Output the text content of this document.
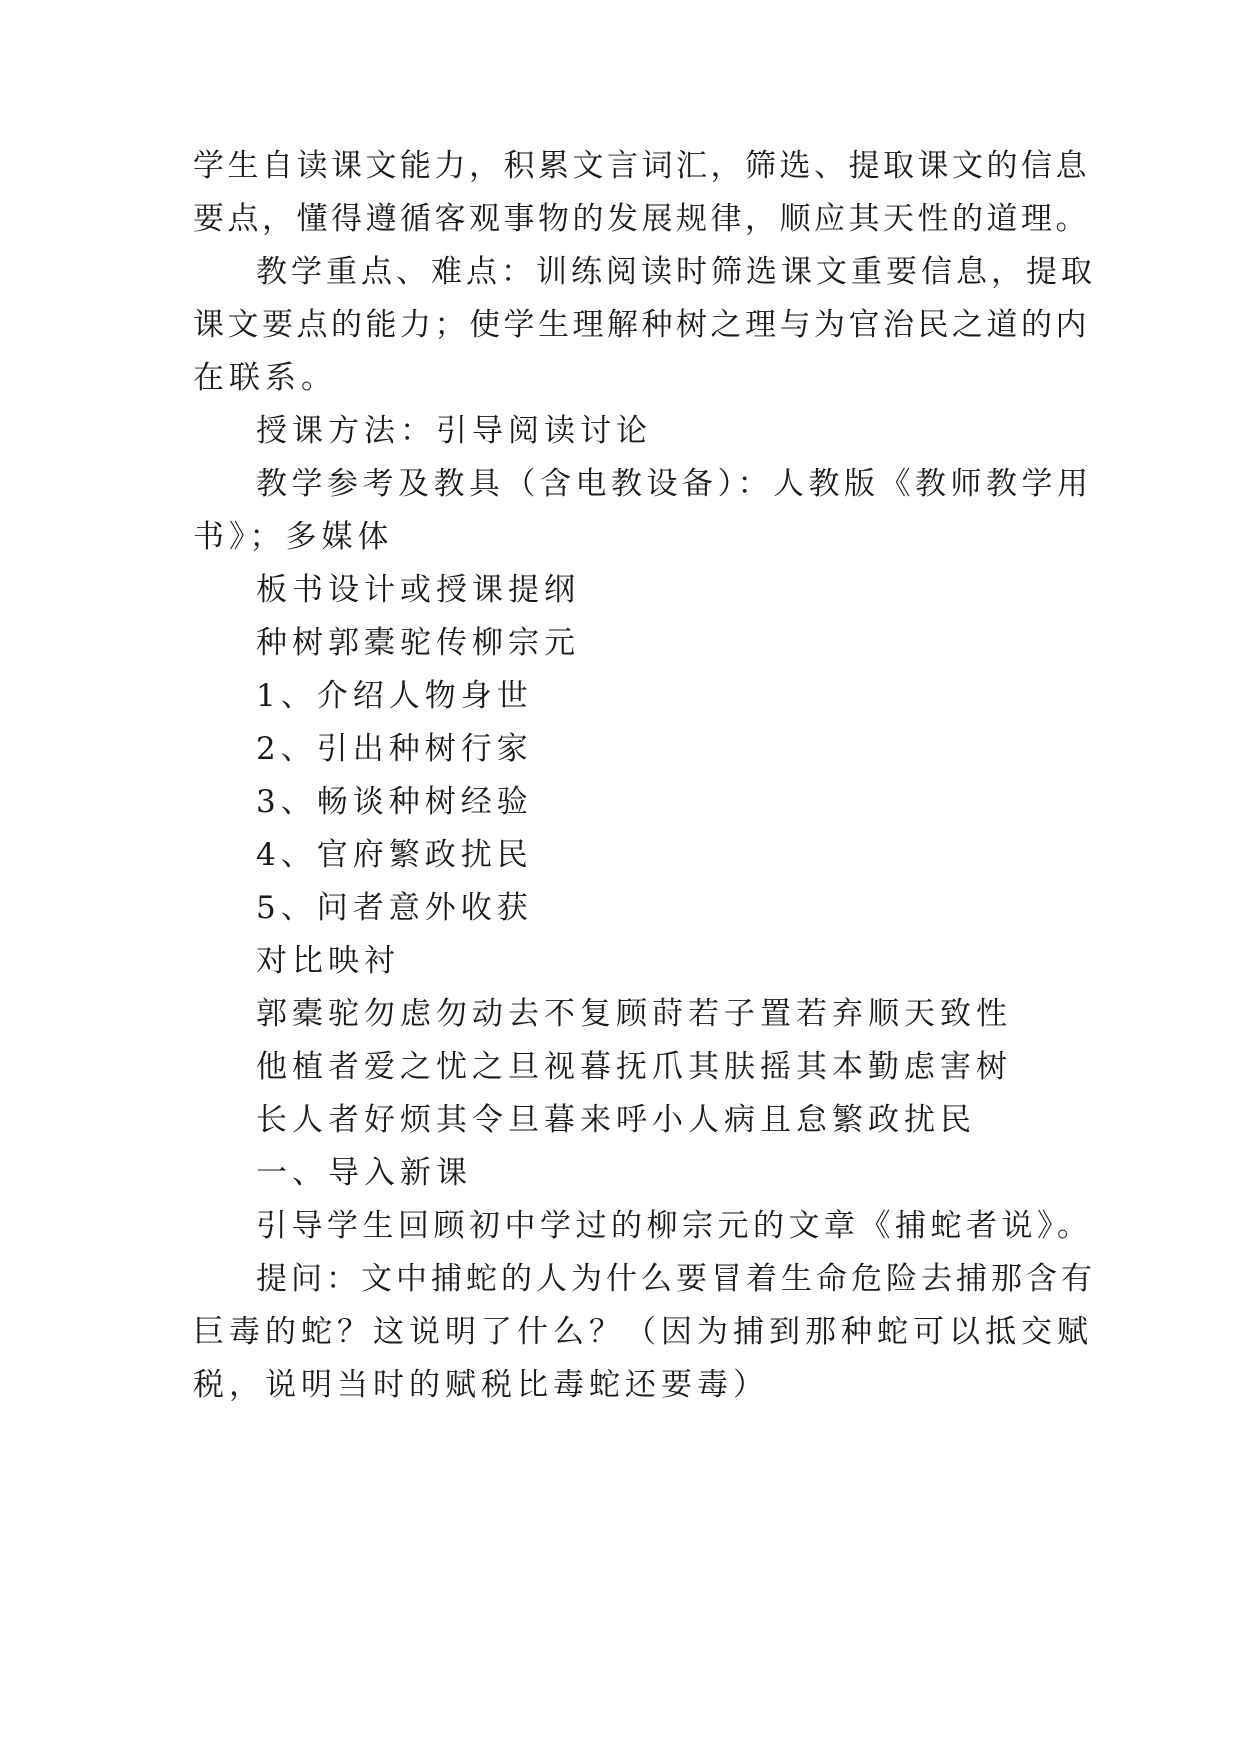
学生自读课文能力，积累文言词汇，筛选、提取课文的信息
要点，懂得遵循客观事物的发展规律，顺应其天性的道理。
教学重点、难点：训练阅读时筛选课文重要信息，提取
课文要点的能力；使学生理解种树之理与为官治民之道的内
在联系。
授课方法：引导阅读讨论
教学参考及教具（含电教设备）：人教版《教师教学用
书》；多媒体
板书设计或授课提纲
种树郭橐驼传柳宗元
1、介绍人物身世
2、引出种树行家
3、畅谈种树经验
4、官府繁政扰民
5、问者意外收获
对比映衬
郭橐驼勿虑勿动去不复顾莳若子置若弃顺天致性
他植者爱之忧之旦视暮抚爪其肤摇其本勤虑害树
长人者好烦其令旦暮来呼小人病且怠繁政扰民
一、导入新课
引导学生回顾初中学过的柳宗元的文章《捕蛇者说》。
提问：文中捕蛇的人为什么要冒着生命危险去捕那含有
巨毒的蛇？这说明了什么？（因为捕到那种蛇可以抵交赋
税，说明当时的赋税比毒蛇还要毒）
